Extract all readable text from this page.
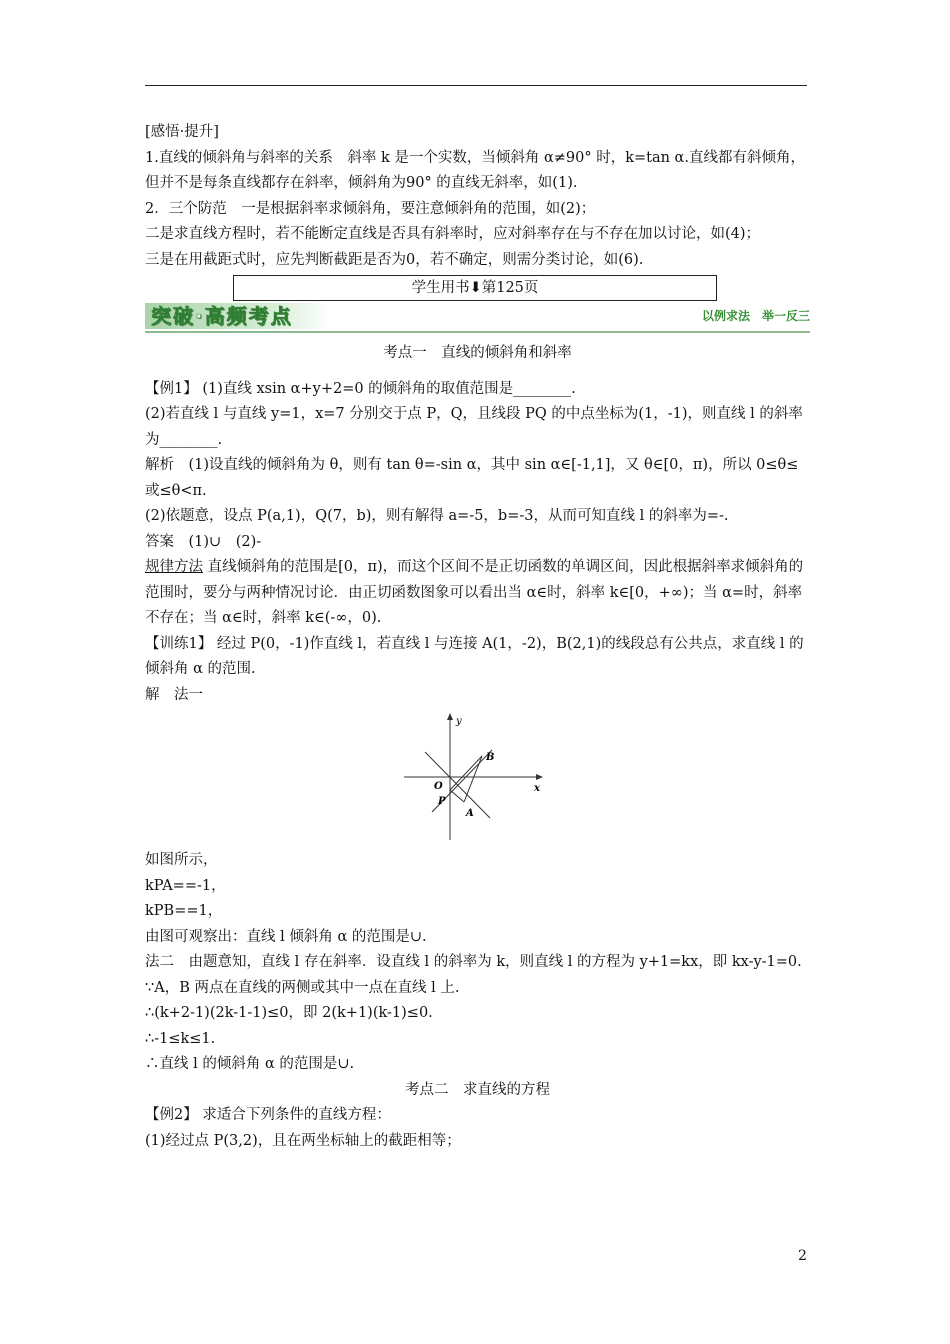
[感悟·提升]

1.直线的倾斜角与斜率的关系　斜率 k 是一个实数，当倾斜角 α≠90° 时，k=tan α.直线都有斜倾角，但并不是每条直线都存在斜率，倾斜角为90° 的直线无斜率，如(1).

2．三个防范　一是根据斜率求倾斜角，要注意倾斜角的范围，如(2)；

二是求直线方程时，若不能断定直线是否具有斜率时，应对斜率存在与不存在加以讨论，如(4)；

三是在用截距式时，应先判断截距是否为0，若不确定，则需分类讨论，如(6).

学生用书⬇第125页
突破·高频考点	以例求法　举一反三

考点一　直线的倾斜角和斜率

【例1】 (1)直线 xsin α+y+2=0 的倾斜角的取值范围是________.

(2)若直线 l 与直线 y=1，x=7 分别交于点 P，Q，且线段 PQ 的中点坐标为(1，-1)，则直线 l 的斜率为________.

解析　(1)设直线的倾斜角为 θ，则有 tan θ=-sin α，其中 sin α∈[-1,1]，又 θ∈[0，π)，所以 0≤θ≤或≤θ<π.

(2)依题意，设点 P(a,1)，Q(7，b)，则有解得 a=-5，b=-3，从而可知直线 l 的斜率为=-.

答案　(1)∪　(2)-

规律方法 直线倾斜角的范围是[0，π)，而这个区间不是正切函数的单调区间，因此根据斜率求倾斜角的范围时，要分与两种情况讨论．由正切函数图象可以看出当 α∈时，斜率 k∈[0，+∞)；当 α=时，斜率不存在；当 α∈时，斜率 k∈(-∞，0).

【训练1】 经过 P(0，-1)作直线 l，若直线 l 与连接 A(1，-2)，B(2,1)的线段总有公共点，求直线 l 的倾斜角 α 的范围.

解　法一

y
x
B
O
P
A

如图所示，

kPA==-1，

kPB==1，

由图可观察出：直线 l 倾斜角 α 的范围是∪.

法二　由题意知，直线 l 存在斜率．设直线 l 的斜率为 k，则直线 l 的方程为 y+1=kx，即 kx-y-1=0.

∵A，B 两点在直线的两侧或其中一点在直线 l 上.

∴(k+2-1)(2k-1-1)≤0，即 2(k+1)(k-1)≤0.

∴-1≤k≤1.

∴直线 l 的倾斜角 α 的范围是∪.

考点二　求直线的方程

【例2】 求适合下列条件的直线方程：

(1)经过点 P(3,2)，且在两坐标轴上的截距相等；

2
